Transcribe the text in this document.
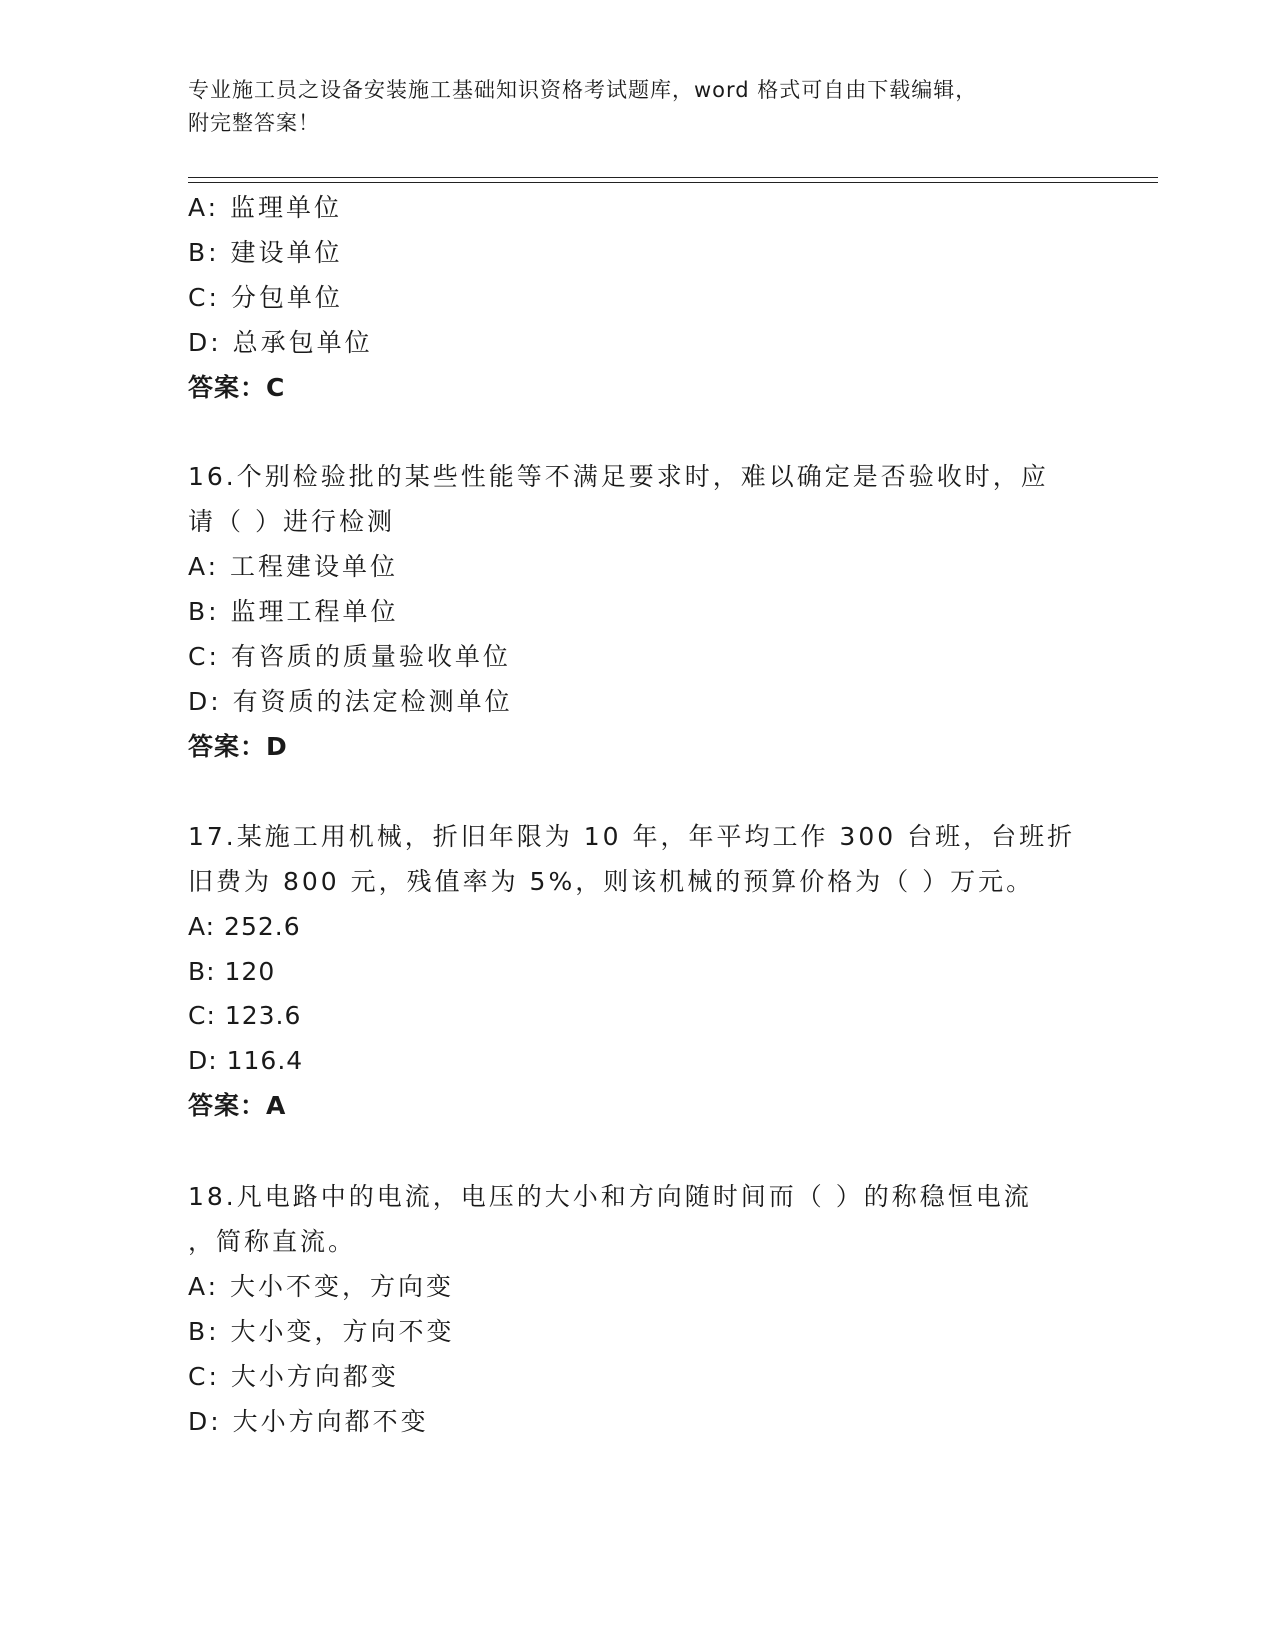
专业施工员之设备安装施工基础知识资格考试题库，word 格式可自由下载编辑，
附完整答案！
A: 监理单位
B: 建设单位
C: 分包单位
D: 总承包单位
答案：C
16.个别检验批的某些性能等不满足要求时，难以确定是否验收时，应
请（ ）进行检测
A: 工程建设单位
B: 监理工程单位
C: 有咨质的质量验收单位
D: 有资质的法定检测单位
答案：D
17.某施工用机械，折旧年限为 10 年，年平均工作 300 台班，台班折
旧费为 800 元，残值率为 5%，则该机械的预算价格为（ ）万元。
A: 252.6
B: 120
C: 123.6
D: 116.4
答案：A
18.凡电路中的电流，电压的大小和方向随时间而（ ）的称稳恒电流
，简称直流。
A: 大小不变，方向变
B: 大小变，方向不变
C: 大小方向都变
D: 大小方向都不变
